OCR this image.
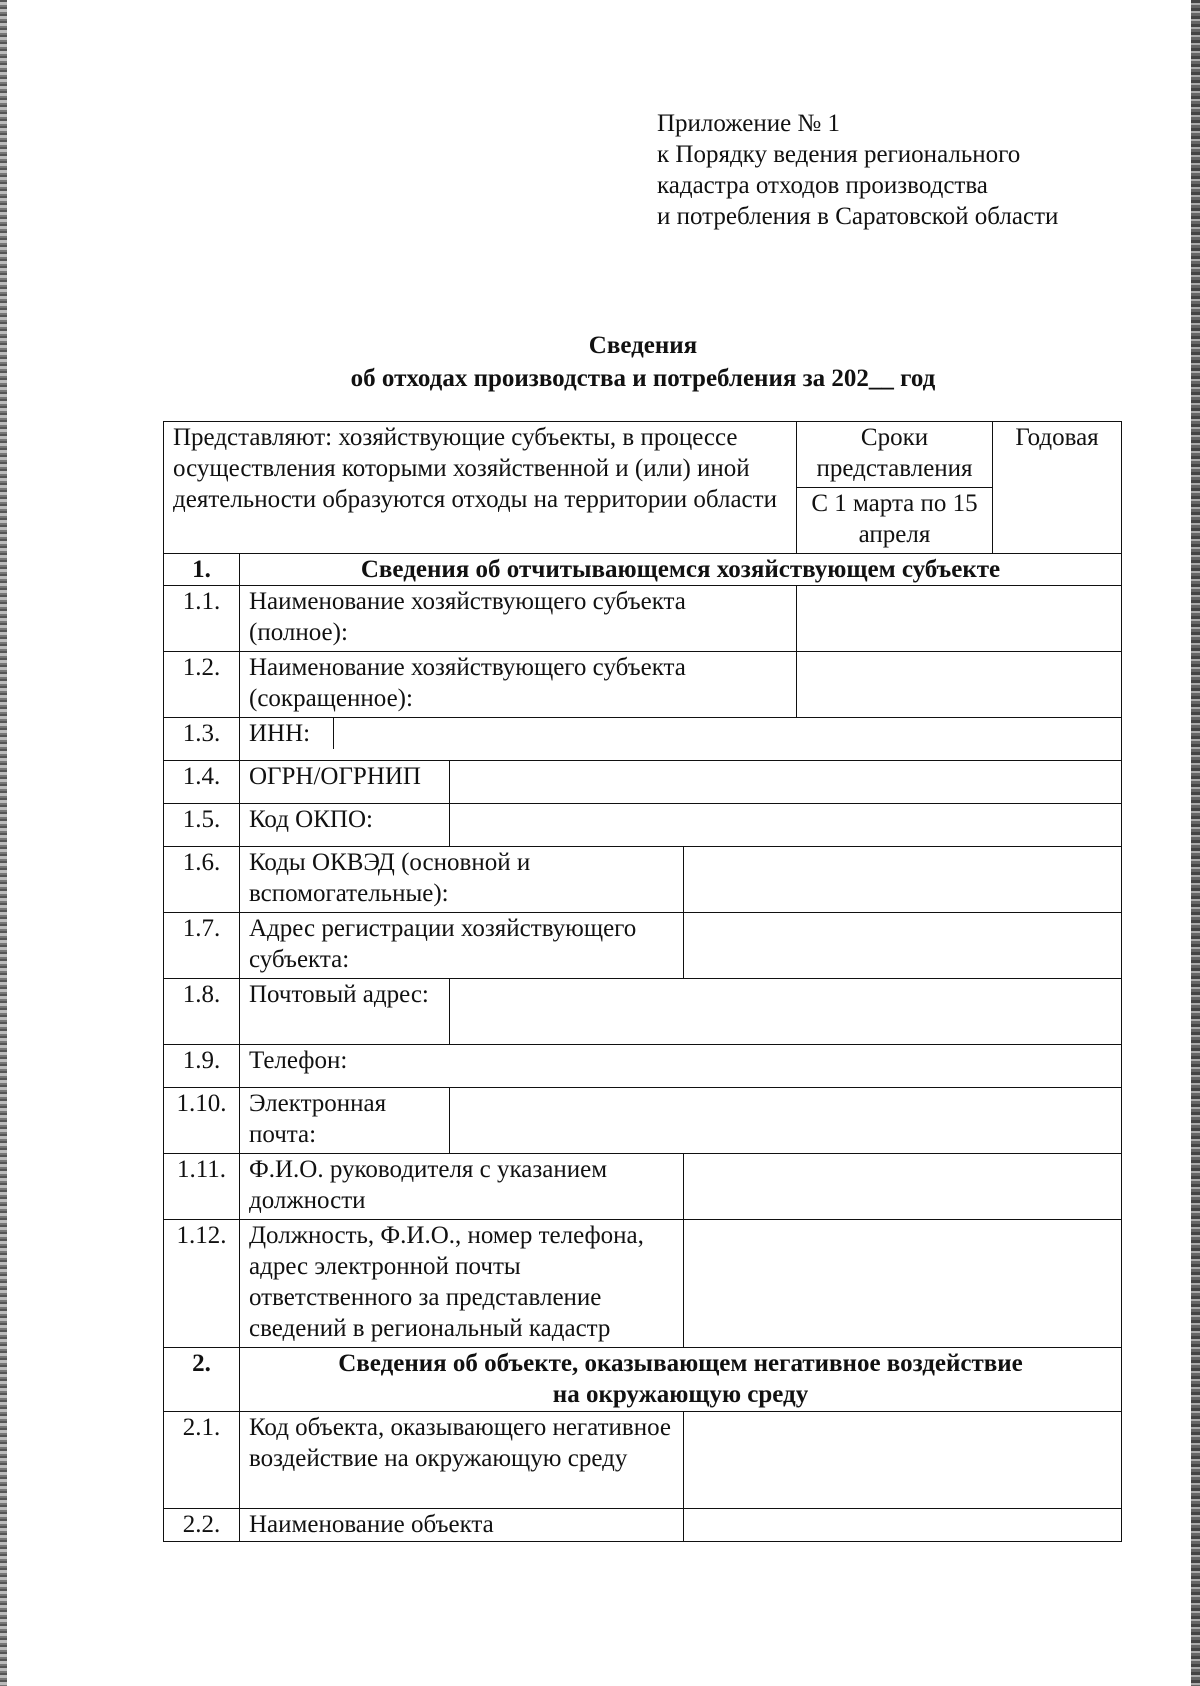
Приложение № 1
к Порядку ведения регионального
кадастра отходов производства
и потребления в Саратовской области
Сведения
об отходах производства и потребления за 202__ год
Представляют: хозяйствующие субъекты, в процессе осуществления которыми хозяйственной и (или) иной деятельности образуются отходы на территории области	Сроки представления	Годовая
С 1 марта по 15 апреля
1.	Сведения об отчитывающемся хозяйствующем субъекте
1.1.	Наименование хозяйствующего субъекта (полное):	
1.2.	Наименование хозяйствующего субъекта (сокращенное):	
1.3.	ИНН:	

1.4.	ОГРН/ОГРНИП	
1.5.	Код ОКПО:	
1.6.	Коды ОКВЭД (основной и вспомогательные):	
1.7.	Адрес регистрации хозяйствующего субъекта:	
1.8.	Почтовый адрес:	
1.9.	Телефон:
1.10.	Электронная почта:	
1.11.	Ф.И.О. руководителя с указанием должности	
1.12.	Должность, Ф.И.О., номер телефона, адрес электронной почты ответственного за представление сведений в региональный кадастр	
2.	Сведения об объекте, оказывающем негативное воздействие
на окружающую среду

2.1.	Код объекта, оказывающего негативное воздействие на окружающую среду	
2.2.	Наименование объекта	
